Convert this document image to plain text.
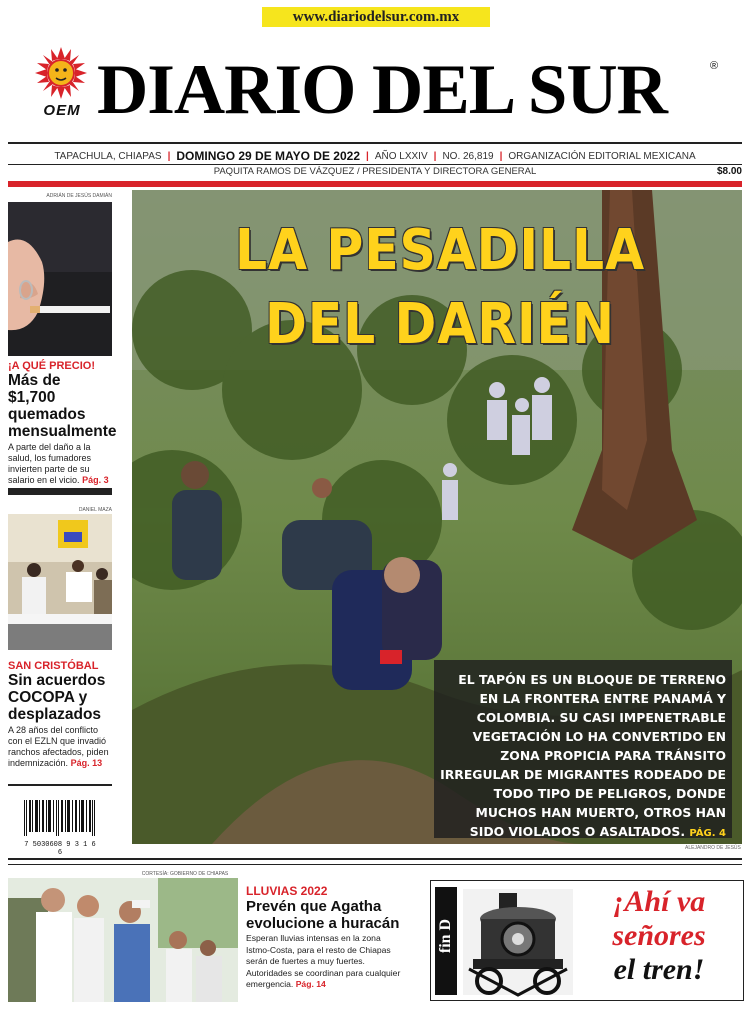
www.diariodelsur.com.mx
OEM DIARIO DEL SUR	®
TAPACHULA, CHIAPAS | DOMINGO 29 DE MAYO DE 2022 | AÑO LXXIV | NO. 26,819 | ORGANIZACIÓN EDITORIAL MEXICANA
PAQUITA RAMOS DE VÁZQUEZ / PRESIDENTA Y DIRECTORA GENERAL	$8.00
ADRIÁN DE JESÚS DAMIÁN
¡A QUÉ PRECIO!
Más de $1,700 quemados mensualmente
A parte del daño a la salud, los fumadores invierten parte de su salario en el vicio. Pág. 3
DANIEL MAZA
SAN CRISTÓBAL
Sin acuerdos COCOPA y desplazados
A 28 años del conflicto con el EZLN que invadió ranchos afectados, piden indemnización. Pág. 13
7 5030608 9 3 1 6 6
LA PESADILLA
DEL DARIÉN
EL TAPÓN ES UN BLOQUE DE TERRENO EN LA FRONTERA ENTRE PANAMÁ Y COLOMBIA. SU CASI IMPENETRABLE VEGETACIÓN LO HA CONVERTIDO EN ZONA PROPICIA PARA TRÁNSITO IRREGULAR DE MIGRANTES RODEADO DE TODO TIPO DE PELIGROS, DONDE MUCHOS HAN MUERTO, OTROS HAN SIDO VIOLADOS O ASALTADOS. PÁG. 4
ALEJANDRO DE JESÚS
CORTESÍA: GOBIERNO DE CHIAPAS
LLUVIAS 2022
Prevén que Agatha evolucione a huracán
Esperan lluvias intensas en la zona Istmo-Costa, para el resto de Chiapas serán de fuertes a muy fuertes. Autoridades se coordinan para cualquier emergencia. Pág. 14
fin D
¡Ahí va
señores
el tren!
